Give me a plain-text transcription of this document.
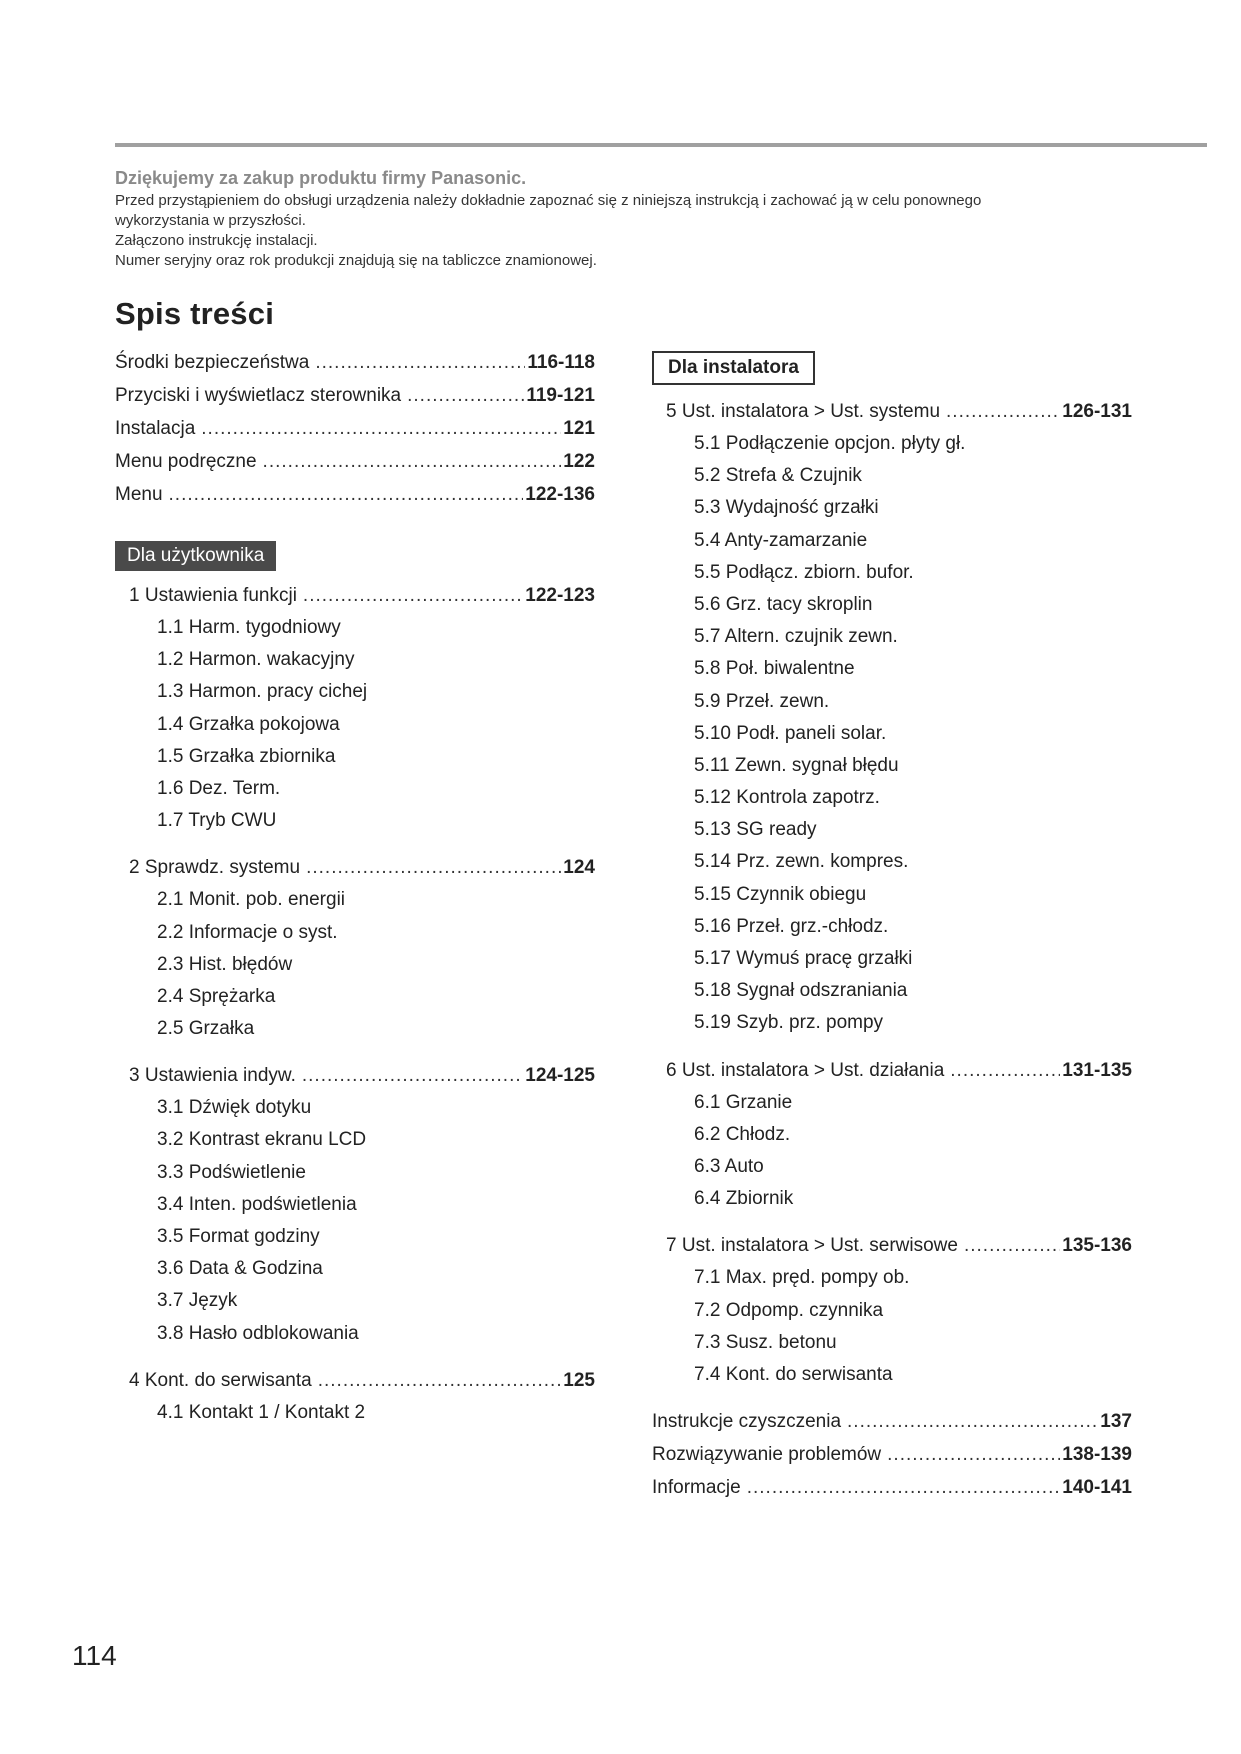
Dziękujemy za zakup produktu firmy Panasonic.

Przed przystąpieniem do obsługi urządzenia należy dokładnie zapoznać się z niniejszą instrukcją i zachować ją w celu ponownego

wykorzystania w przyszłości.

Załączono instrukcję instalacji.

Numer seryjny oraz rok produkcji znajdują się na tabliczce znamionowej.

Spis treści
Środki bezpieczeństwa .....	116-118
Przyciski i wyświetlacz sterownika .....	119-121
Instalacja .....	121
Menu podręczne .....	122
Menu .....	122-136
Dla użytkownika
1 Ustawienia funkcji .....	122-123
1.1 Harm. tygodniowy
1.2 Harmon. wakacyjny
1.3 Harmon. pracy cichej
1.4 Grzałka pokojowa
1.5 Grzałka zbiornika
1.6 Dez. Term.
1.7 Tryb CWU
2 Sprawdz. systemu .....	124
2.1 Monit. pob. energii
2.2 Informacje o syst.
2.3 Hist. błędów
2.4 Sprężarka
2.5 Grzałka
3 Ustawienia indyw. .....	124-125
3.1 Dźwięk dotyku
3.2 Kontrast ekranu LCD
3.3 Podświetlenie
3.4 Inten. podświetlenia
3.5 Format godziny
3.6 Data & Godzina
3.7 Język
3.8 Hasło odblokowania
4 Kont. do serwisanta .....	125
4.1 Kontakt 1 / Kontakt 2
Dla instalatora
5 Ust. instalatora > Ust. systemu .....	126-131
5.1 Podłączenie opcjon. płyty gł.
5.2 Strefa & Czujnik
5.3 Wydajność grzałki
5.4 Anty-zamarzanie
5.5 Podłącz. zbiorn. bufor.
5.6 Grz. tacy skroplin
5.7 Altern. czujnik zewn.
5.8 Poł. biwalentne
5.9 Przeł. zewn.
5.10 Podł. paneli solar.
5.11 Zewn. sygnał błędu
5.12 Kontrola zapotrz.
5.13 SG ready
5.14 Prz. zewn. kompres.
5.15 Czynnik obiegu
5.16 Przeł. grz.-chłodz.
5.17 Wymuś pracę grzałki
5.18 Sygnał odszraniania
5.19 Szyb. prz. pompy
6 Ust. instalatora > Ust. działania .....	131-135
6.1 Grzanie
6.2 Chłodz.
6.3 Auto
6.4 Zbiornik
7 Ust. instalatora > Ust. serwisowe .....	135-136
7.1 Max. pręd. pompy ob.
7.2 Odpomp. czynnika
7.3 Susz. betonu
7.4 Kont. do serwisanta
Instrukcje czyszczenia .....	137
Rozwiązywanie problemów .....	138-139
Informacje .....	140-141
114
